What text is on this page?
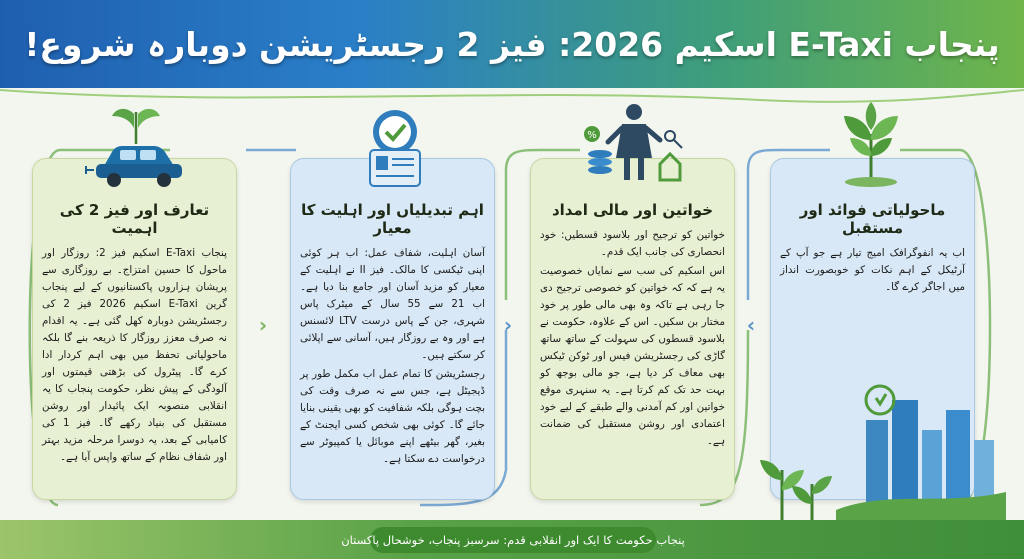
پنجاب E-Taxi اسکیم 2026: فیز 2 رجسٹریشن دوبارہ شروع!
تعارف اور فیز 2 کی اہمیت

پنجاب E-Taxi اسکیم فیز 2: روزگار اور ماحول کا حسین امتزاج۔ بے روزگاری سے پریشان ہزاروں پاکستانیوں کے لیے پنجاب گرین E-Taxi اسکیم 2026 فیز 2 کی رجسٹریشن دوبارہ کھل گئی ہے۔ یہ اقدام نہ صرف معزز روزگار کا ذریعہ بنے گا بلکہ ماحولیاتی تحفظ میں بھی اہم کردار ادا کرے گا۔ پیٹرول کی بڑھتی قیمتوں اور آلودگی کے پیش نظر، حکومت پنجاب کا یہ انقلابی منصوبہ ایک پائیدار اور روشن مستقبل کی بنیاد رکھے گا۔ فیز 1 کی کامیابی کے بعد، یہ دوسرا مرحلہ مزید بہتر اور شفاف نظام کے ساتھ واپس آیا ہے۔

اہم تبدیلیاں اور اہلیت کا معیار

آسان اہلیت، شفاف عمل: اب ہر کوئی اپنی ٹیکسی کا مالک۔ فیز II نے اہلیت کے معیار کو مزید آسان اور جامع بنا دیا ہے۔ اب 21 سے 55 سال کے میٹرک پاس شہری، جن کے پاس درست LTV لائسنس ہے اور وہ بے روزگار ہیں، آسانی سے اپلائی کر سکتے ہیں۔

رجسٹریشن کا تمام عمل اب مکمل طور پر ڈیجیٹل ہے، جس سے نہ صرف وقت کی بچت ہوگی بلکہ شفافیت کو بھی یقینی بنایا جائے گا۔ کوئی بھی شخص کسی ایجنٹ کے بغیر، گھر بیٹھے اپنے موبائل یا کمپیوٹر سے درخواست دے سکتا ہے۔

خواتین اور مالی امداد

خواتین کو ترجیح اور بلاسود قسطیں: خود انحصاری کی جانب ایک قدم۔

اس اسکیم کی سب سے نمایاں خصوصیت یہ ہے کہ کہ خواتین کو خصوصی ترجیح دی جا رہی ہے تاکہ وہ بھی مالی طور پر خود مختار بن سکیں۔ اس کے علاوہ، حکومت نے بلاسود قسطوں کی سہولت کے ساتھ ساتھ گاڑی کی رجسٹریشن فیس اور ٹوکن ٹیکس بھی معاف کر دیا ہے، جو مالی بوجھ کو بہت حد تک کم کرتا ہے۔ یہ سنہری موقع خواتین اور کم آمدنی والے طبقے کے لیے خود اعتمادی اور روشن مستقبل کی ضمانت ہے۔

%
ماحولیاتی فوائد اور مستقبل

اب یہ انفوگرافک امیج تیار ہے جو آپ کے آرٹیکل کے اہم نکات کو خوبصورت انداز میں اجاگر کرے گا۔

›	›	‹
پنجاب حکومت کا ایک اور انقلابی قدم: سرسبز پنجاب، خوشحال پاکستان
